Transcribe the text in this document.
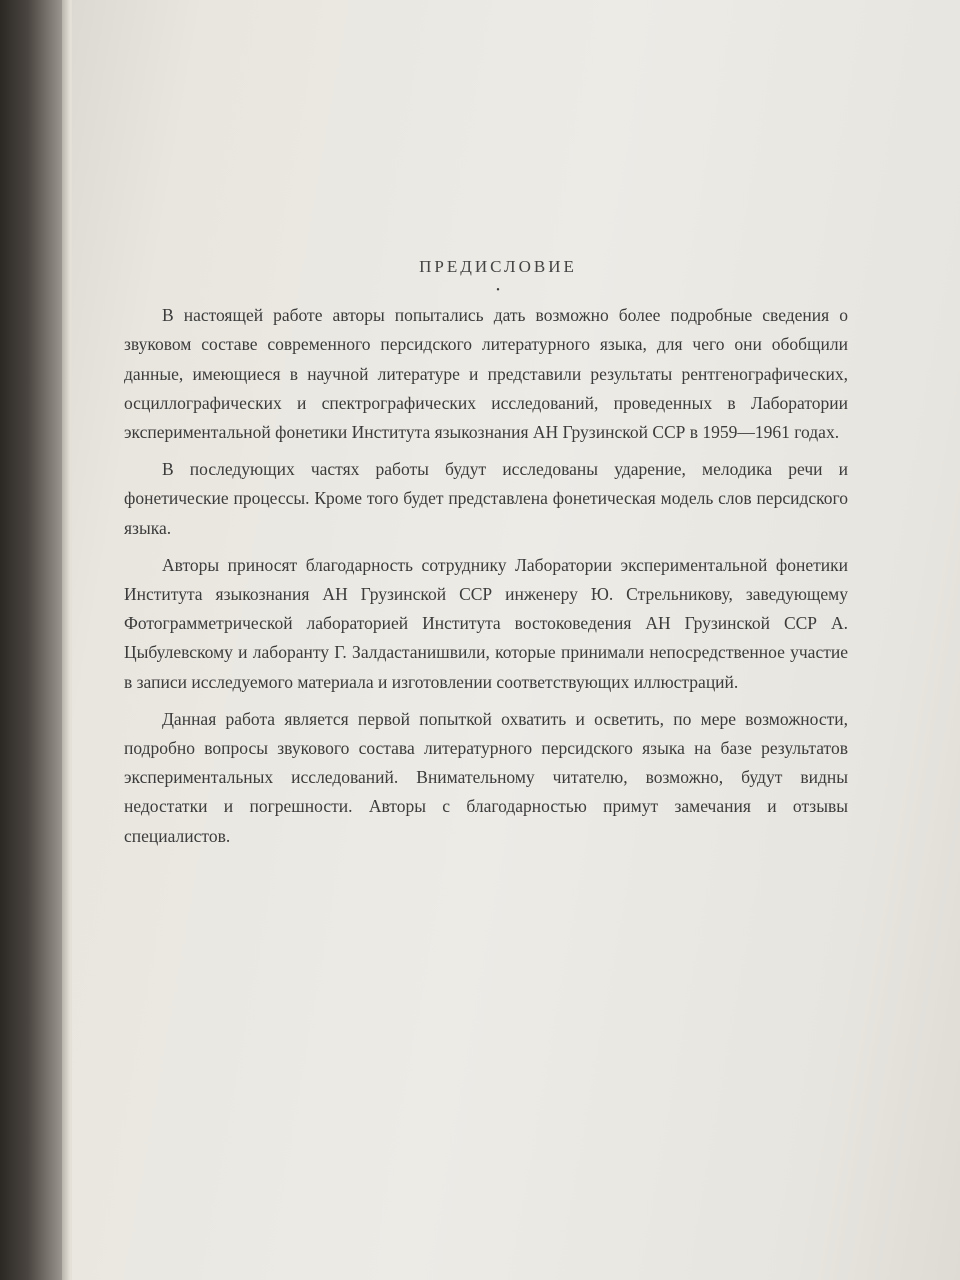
ПРЕДИСЛОВИЕ
•

В настоящей работе авторы попытались дать возможно более подробные сведения о звуковом составе современного персидского литературного языка, для чего они обобщили данные, имеющиеся в научной литературе и представили результаты рентгенографических, осциллографических и спектрографических исследований, проведенных в Лаборатории экспериментальной фонетики Института языкознания АН Грузинской ССР в 1959—1961 годах.

В последующих частях работы будут исследованы ударение, мелодика речи и фонетические процессы. Кроме того будет представлена фонетическая модель слов персидского языка.

Авторы приносят благодарность сотруднику Лаборатории экспериментальной фонетики Института языкознания АН Грузинской ССР инженеру Ю. Стрельникову, заведующему Фотограмметрической лабораторией Института востоковедения АН Грузинской ССР А. Цыбулевскому и лаборанту Г. Залдастанишвили, которые принимали непосредственное участие в записи исследуемого материала и изготовлении соответствующих иллюстраций.

Данная работа является первой попыткой охватить и осветить, по мере возможности, подробно вопросы звукового состава литературного персидского языка на базе результатов экспериментальных исследований. Внимательному читателю, возможно, будут видны недостатки и погрешности. Авторы с благодарностью примут замечания и отзывы специалистов.
